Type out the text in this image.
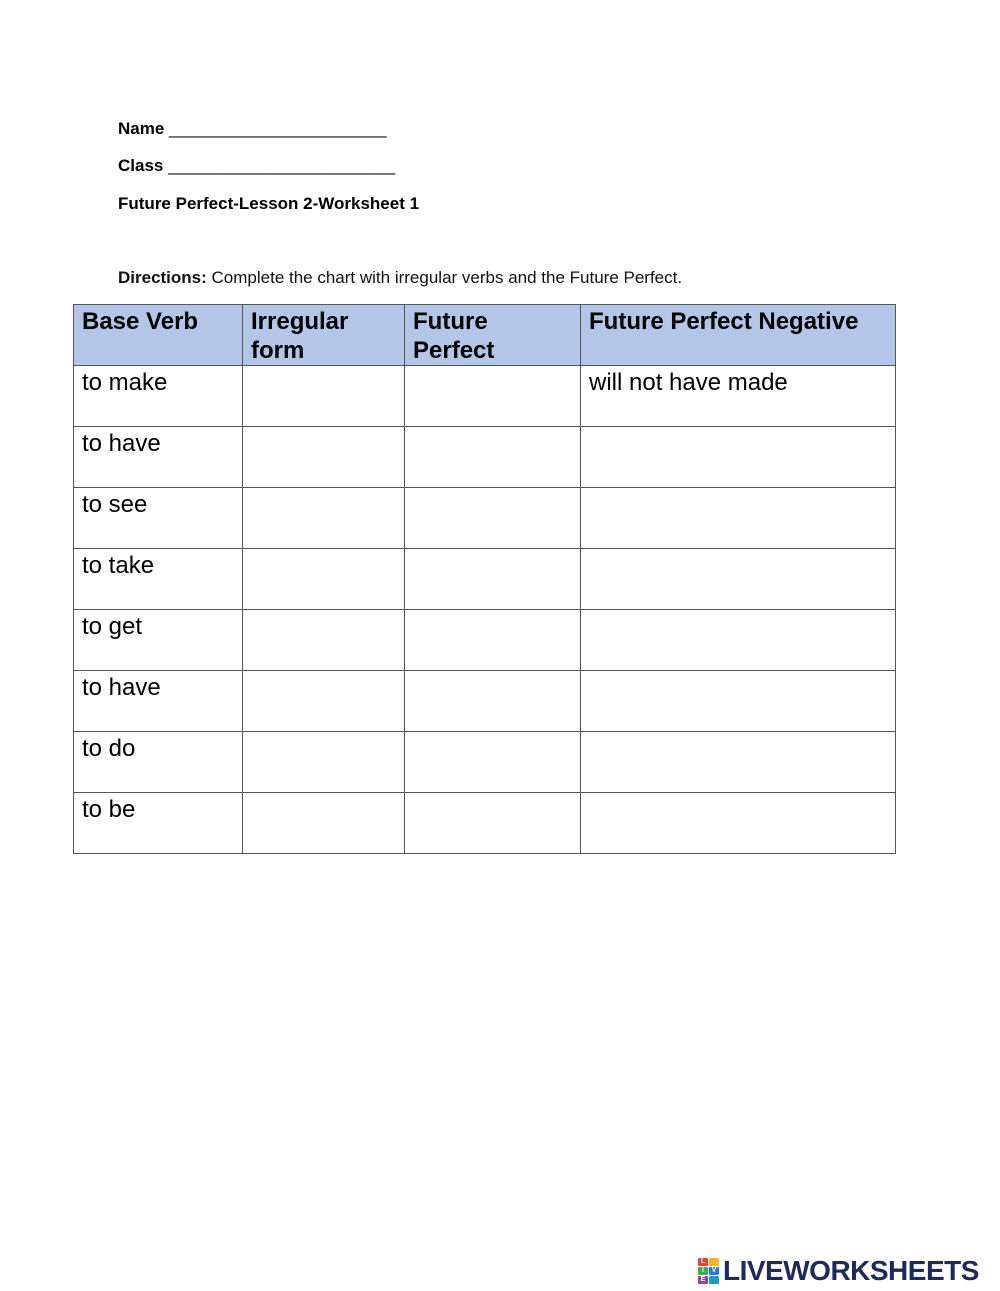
Name _______________________
Class ________________________
Future Perfect-Lesson 2-Worksheet 1
Directions: Complete the chart with irregular verbs and the Future Perfect.
Base Verb	Irregular form	Future Perfect	Future Perfect Negative
to make			will not have made
to have			
to see			
to take			
to get			
to have			
to do			
to be			
L
I	V
E LIVEWORKSHEETS
